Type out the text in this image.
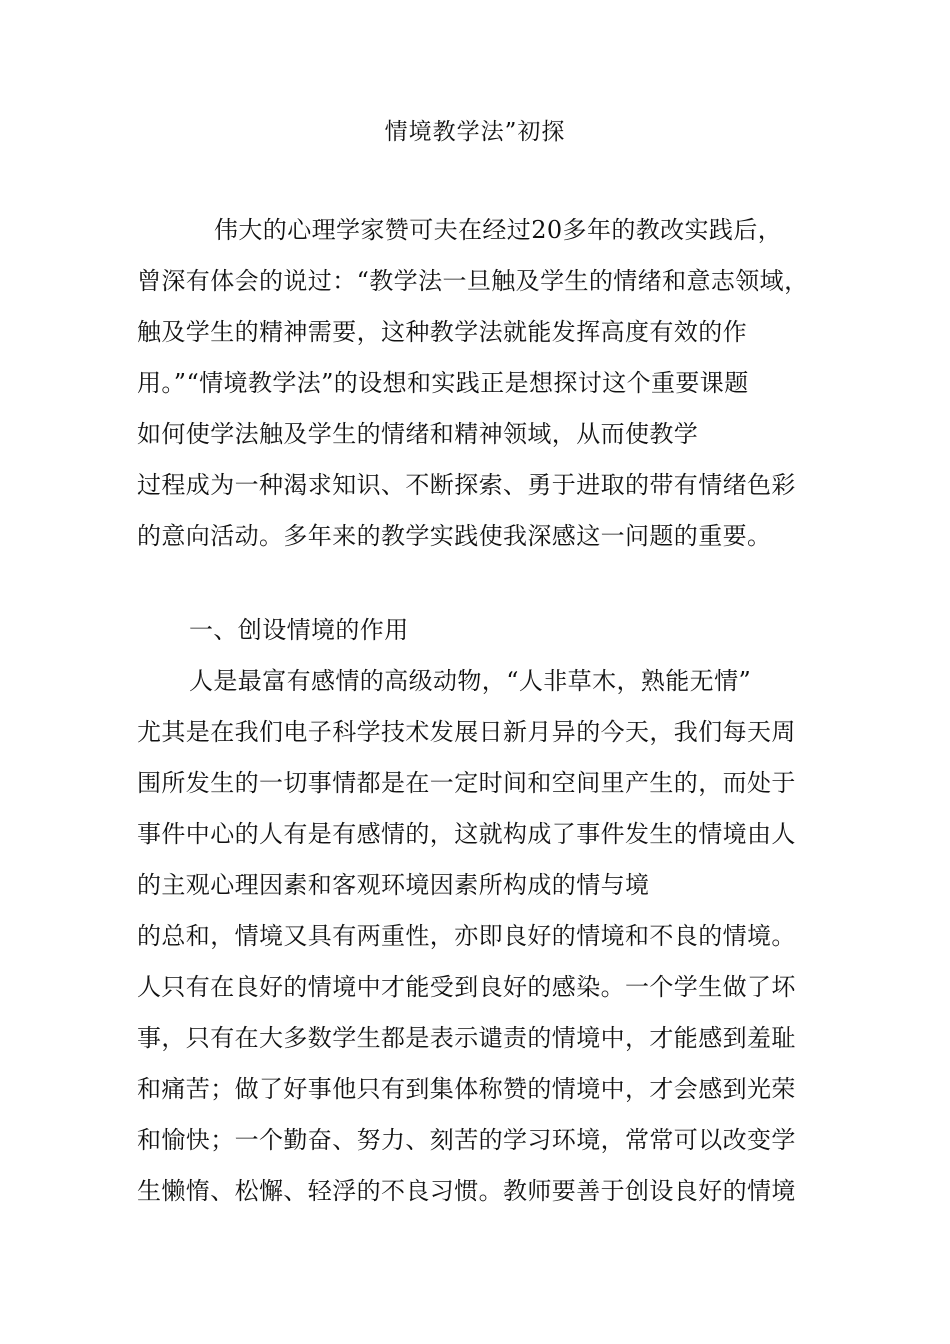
情境教学法”初探
伟大的心理学家赞可夫在经过20多年的教改实践后，
曾深有体会的说过：“教学法一旦触及学生的情绪和意志领域，
触及学生的精神需要，这种教学法就能发挥高度有效的作
用。”“情境教学法”的设想和实践正是想探讨这个重要课题
如何使学法触及学生的情绪和精神领域，从而使教学
过程成为一种渴求知识、不断探索、勇于进取的带有情绪色彩
的意向活动。多年来的教学实践使我深感这一问题的重要。
一、创设情境的作用
人是最富有感情的高级动物，“人非草木，熟能无情”
尤其是在我们电子科学技术发展日新月异的今天，我们每天周
围所发生的一切事情都是在一定时间和空间里产生的，而处于
事件中心的人有是有感情的，这就构成了事件发生的情境由人
的主观心理因素和客观环境因素所构成的情与境
的总和，情境又具有两重性，亦即良好的情境和不良的情境。
人只有在良好的情境中才能受到良好的感染。一个学生做了坏
事，只有在大多数学生都是表示谴责的情境中，才能感到羞耻
和痛苦；做了好事他只有到集体称赞的情境中，才会感到光荣
和愉快；一个勤奋、努力、刻苦的学习环境，常常可以改变学
生懒惰、松懈、轻浮的不良习惯。教师要善于创设良好的情境
